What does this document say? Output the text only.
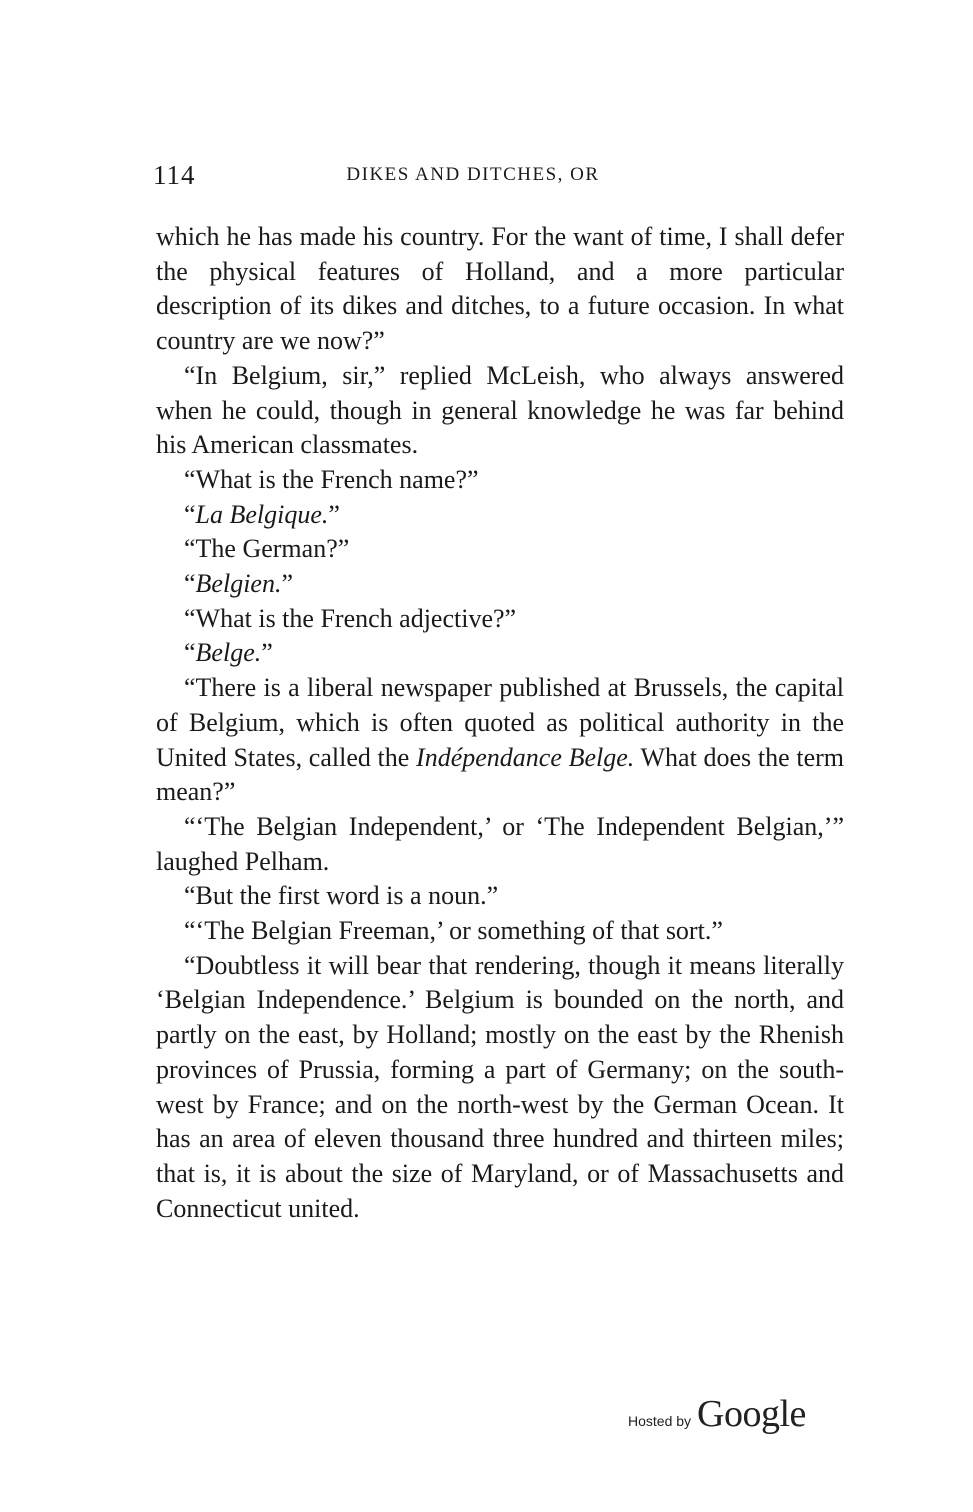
114	DIKES AND DITCHES, OR

which he has made his country. For the want of time, I shall defer the physical features of Holland, and a more particular description of its dikes and ditches, to a future occasion. In what country are we now?”

“In Belgium, sir,” replied McLeish, who always answered when he could, though in general knowledge he was far behind his American classmates.

“What is the French name?”

“La Belgique.”

“The German?”

“Belgien.”

“What is the French adjective?”

“Belge.”

“There is a liberal newspaper published at Brussels, the capital of Belgium, which is often quoted as political authority in the United States, called the Indépendance Belge. What does the term mean?”

“‘The Belgian Independent,’ or ‘The Independent Belgian,’” laughed Pelham.

“But the first word is a noun.”

“‘The Belgian Freeman,’ or something of that sort.”

“Doubtless it will bear that rendering, though it means literally ‘Belgian Independence.’ Belgium is bounded on the north, and partly on the east, by Holland; mostly on the east by the Rhenish provinces of Prussia, forming a part of Germany; on the south-west by France; and on the north-west by the German Ocean. It has an area of eleven thousand three hundred and thirteen miles; that is, it is about the size of Maryland, or of Massachusetts and Connecticut united.

Hosted by Google
